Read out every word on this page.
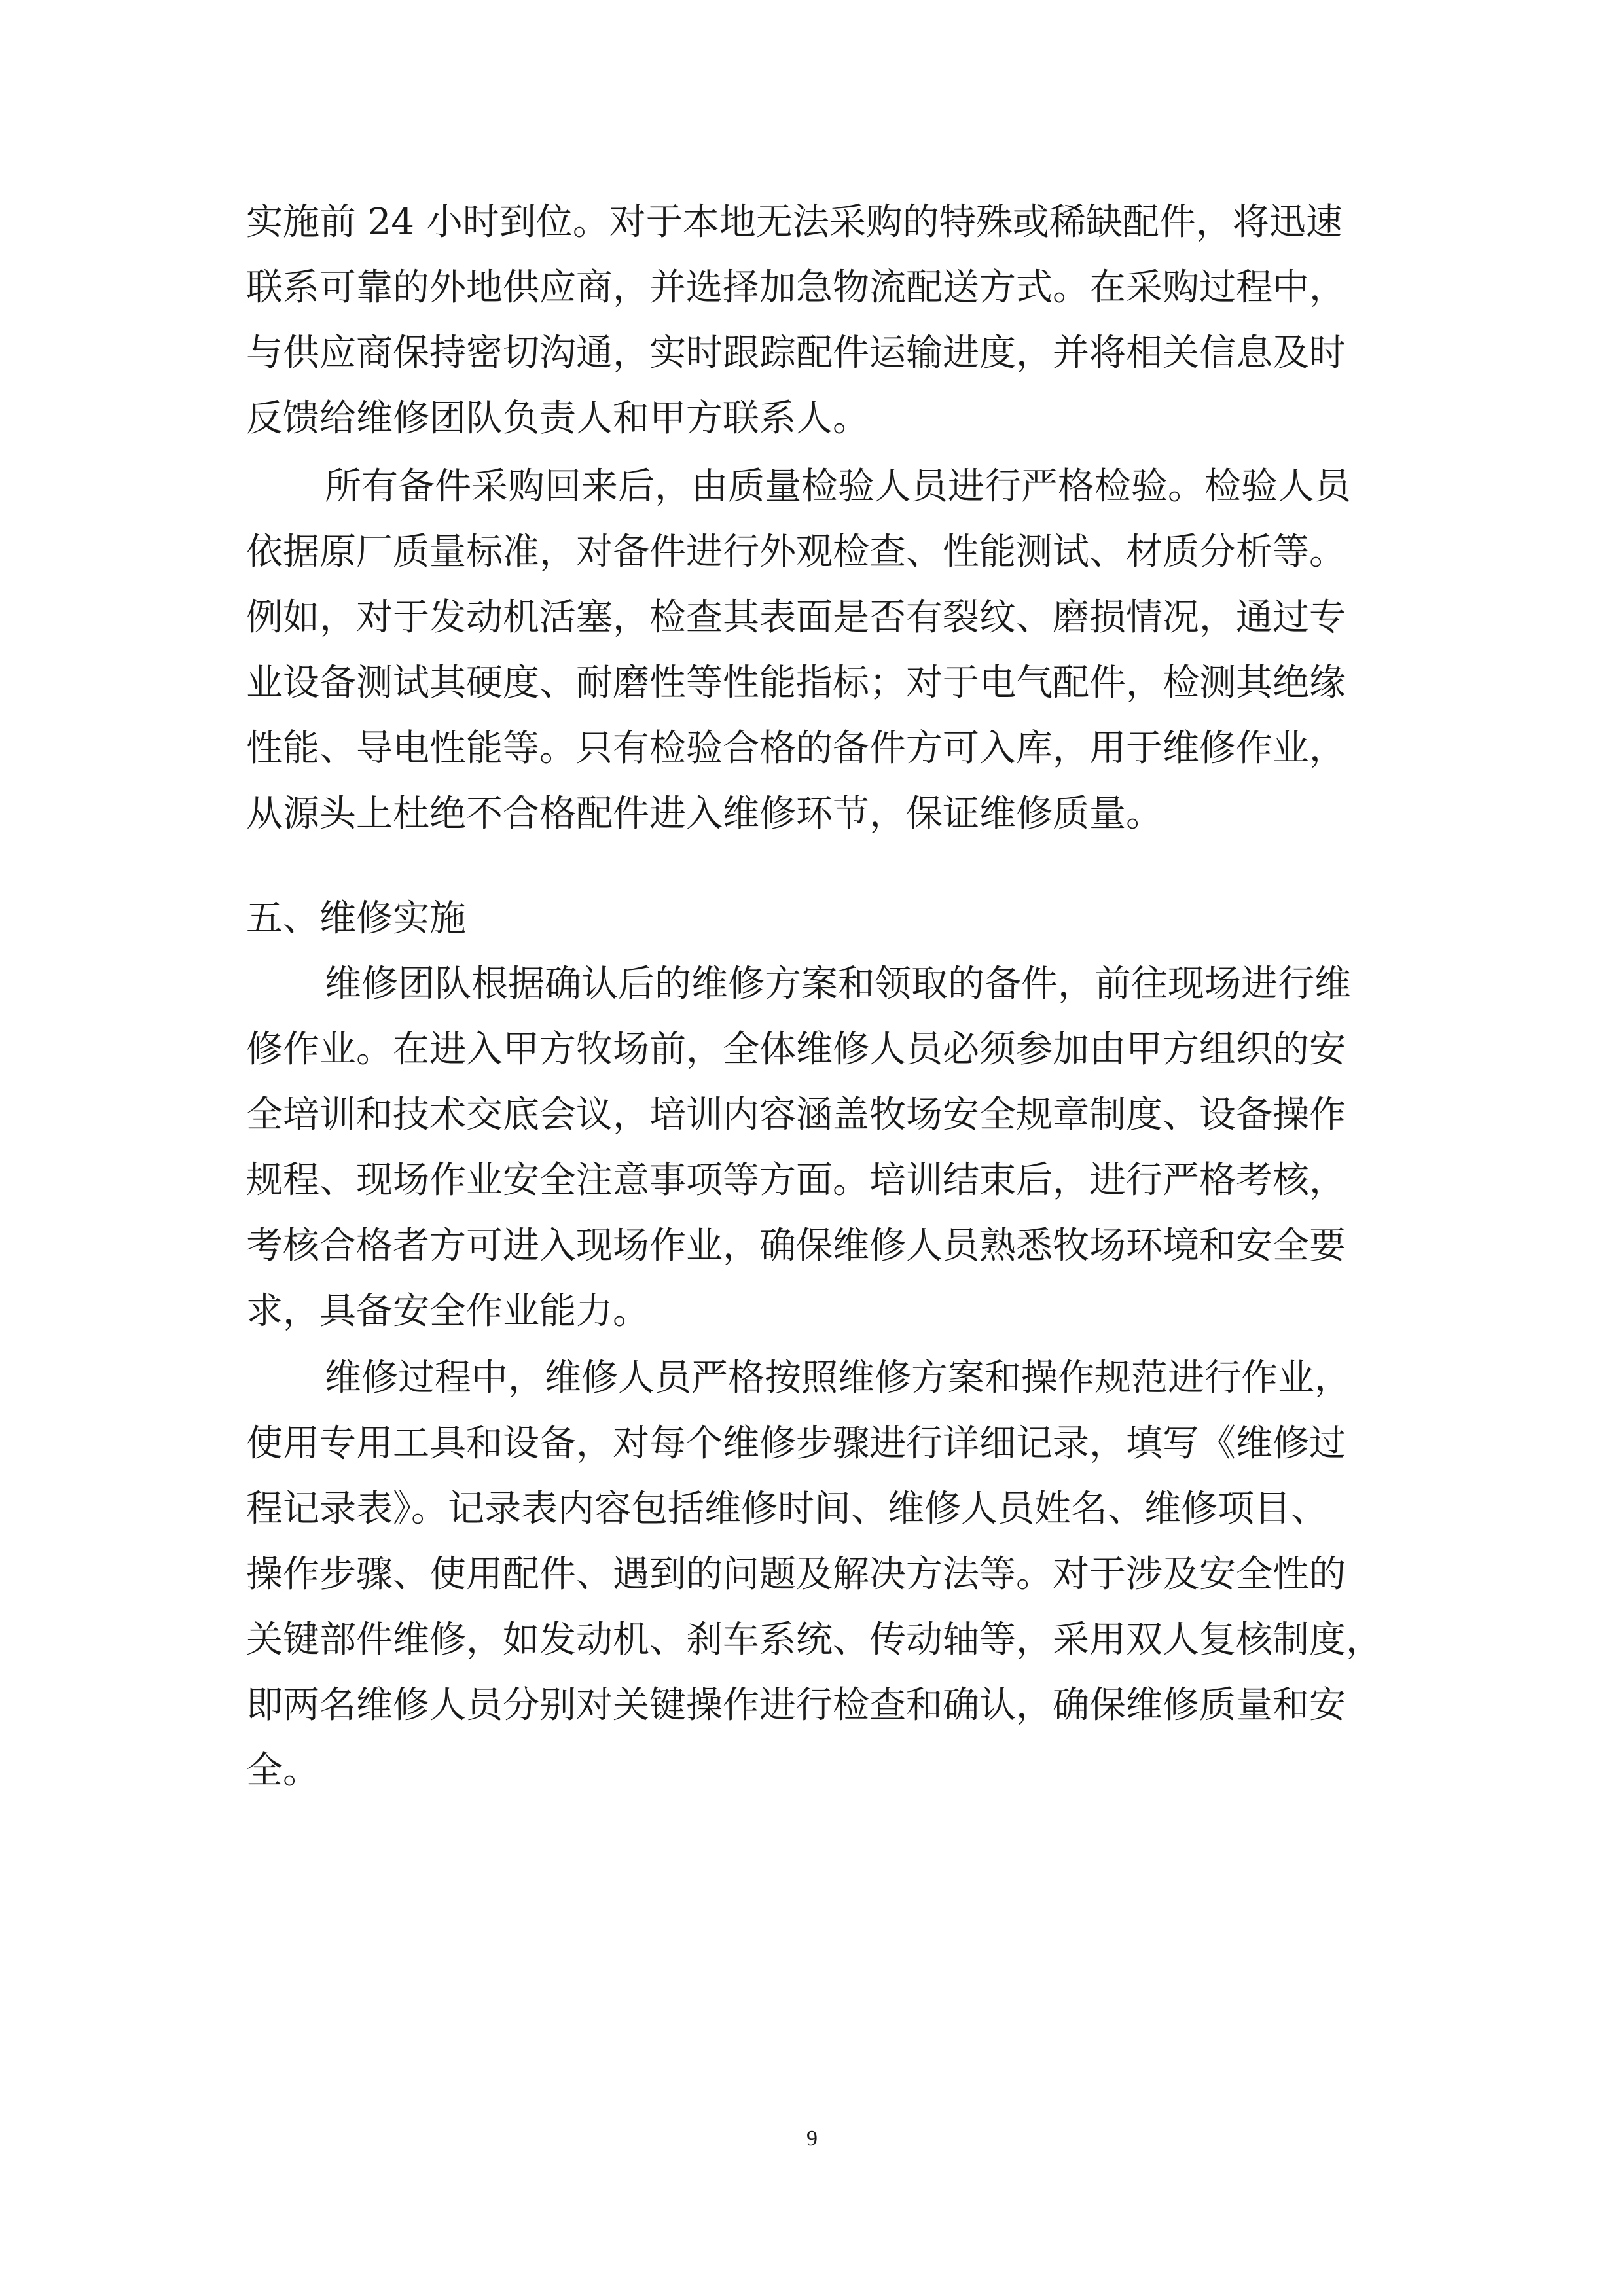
实施前 24 小时到位。对于本地无法采购的特殊或稀缺配件，将迅速
联系可靠的外地供应商，并选择加急物流配送方式。在采购过程中，
与供应商保持密切沟通，实时跟踪配件运输进度，并将相关信息及时
反馈给维修团队负责人和甲方联系人。
所有备件采购回来后，由质量检验人员进行严格检验。检验人员
依据原厂质量标准，对备件进行外观检查、性能测试、材质分析等。
例如，对于发动机活塞，检查其表面是否有裂纹、磨损情况，通过专
业设备测试其硬度、耐磨性等性能指标；对于电气配件，检测其绝缘
性能、导电性能等。只有检验合格的备件方可入库，用于维修作业，
从源头上杜绝不合格配件进入维修环节，保证维修质量。
五、维修实施
维修团队根据确认后的维修方案和领取的备件，前往现场进行维
修作业。在进入甲方牧场前，全体维修人员必须参加由甲方组织的安
全培训和技术交底会议，培训内容涵盖牧场安全规章制度、设备操作
规程、现场作业安全注意事项等方面。培训结束后，进行严格考核，
考核合格者方可进入现场作业，确保维修人员熟悉牧场环境和安全要
求，具备安全作业能力。
维修过程中，维修人员严格按照维修方案和操作规范进行作业，
使用专用工具和设备，对每个维修步骤进行详细记录，填写《维修过
程记录表》。记录表内容包括维修时间、维修人员姓名、维修项目、
操作步骤、使用配件、遇到的问题及解决方法等。对于涉及安全性的
关键部件维修，如发动机、刹车系统、传动轴等，采用双人复核制度，
即两名维修人员分别对关键操作进行检查和确认，确保维修质量和安
全。
9
